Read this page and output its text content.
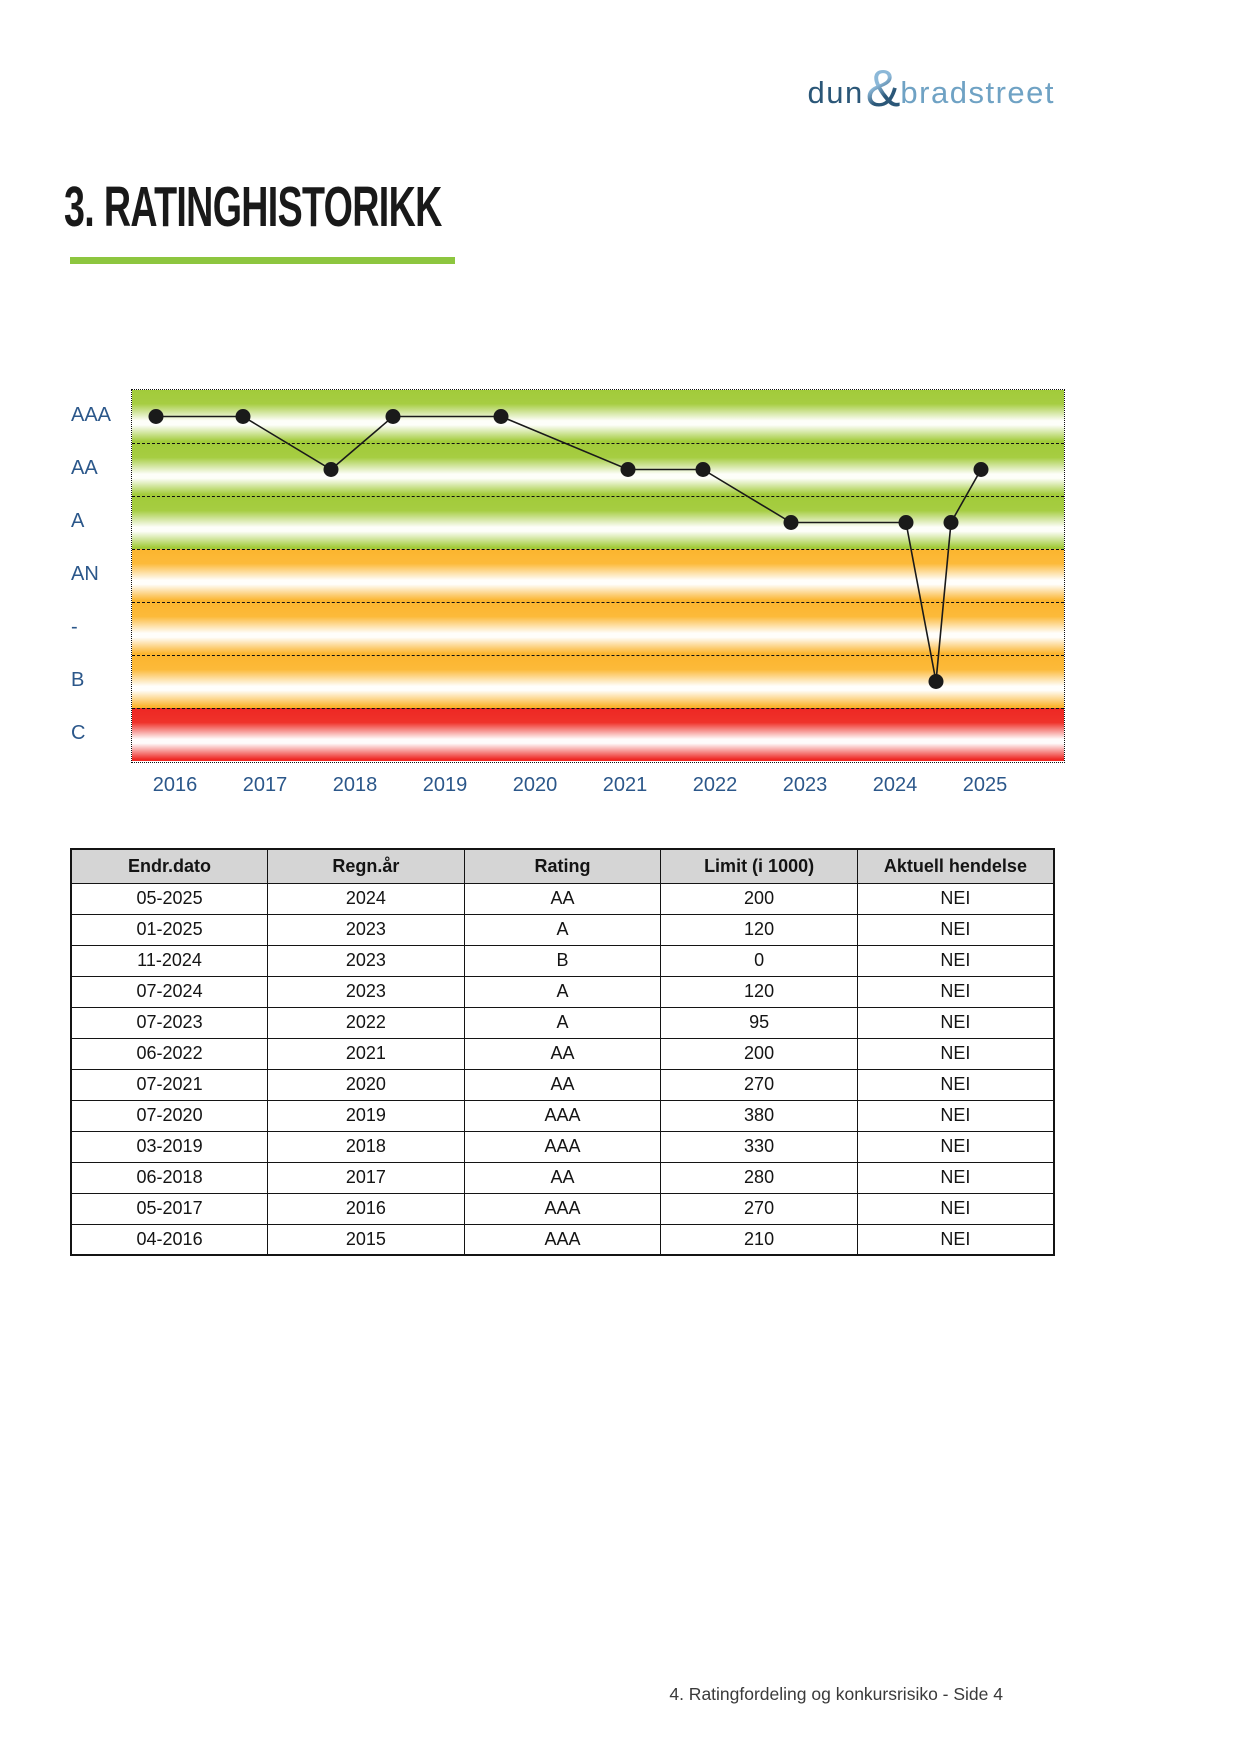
dun & bradstreet
3. RATINGHISTORIKK
AAA
AA
A
AN
-
B
C
2016	2017	2018	2019	2020	2021	2022	2023	2024	2025
Endr.dato	Regn.år	Rating	Limit (i 1000)	Aktuell hendelse
05-2025	2024	AA	200	NEI
01-2025	2023	A	120	NEI
11-2024	2023	B	0	NEI
07-2024	2023	A	120	NEI
07-2023	2022	A	95	NEI
06-2022	2021	AA	200	NEI
07-2021	2020	AA	270	NEI
07-2020	2019	AAA	380	NEI
03-2019	2018	AAA	330	NEI
06-2018	2017	AA	280	NEI
05-2017	2016	AAA	270	NEI
04-2016	2015	AAA	210	NEI
4. Ratingfordeling og konkursrisiko - Side 4
